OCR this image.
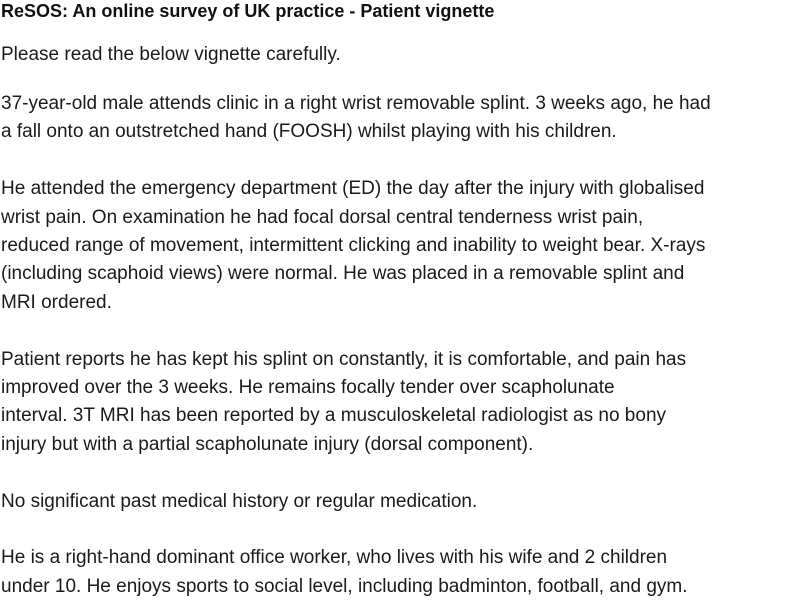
ReSOS: An online survey of UK practice - Patient vignette

Please read the below vignette carefully.

37-year-old male attends clinic in a right wrist removable splint. 3 weeks ago, he had
a fall onto an outstretched hand (FOOSH) whilst playing with his children.
He attended the emergency department (ED) the day after the injury with globalised
wrist pain. On examination he had focal dorsal central tenderness wrist pain,
reduced range of movement, intermittent clicking and inability to weight bear. X-rays
(including scaphoid views) were normal. He was placed in a removable splint and
MRI ordered.
Patient reports he has kept his splint on constantly, it is comfortable, and pain has
improved over the 3 weeks. He remains focally tender over scapholunate
interval. 3T MRI has been reported by a musculoskeletal radiologist as no bony
injury but with a partial scapholunate injury (dorsal component).
No significant past medical history or regular medication.
He is a right-hand dominant office worker, who lives with his wife and 2 children
under 10. He enjoys sports to social level, including badminton, football, and gym.
